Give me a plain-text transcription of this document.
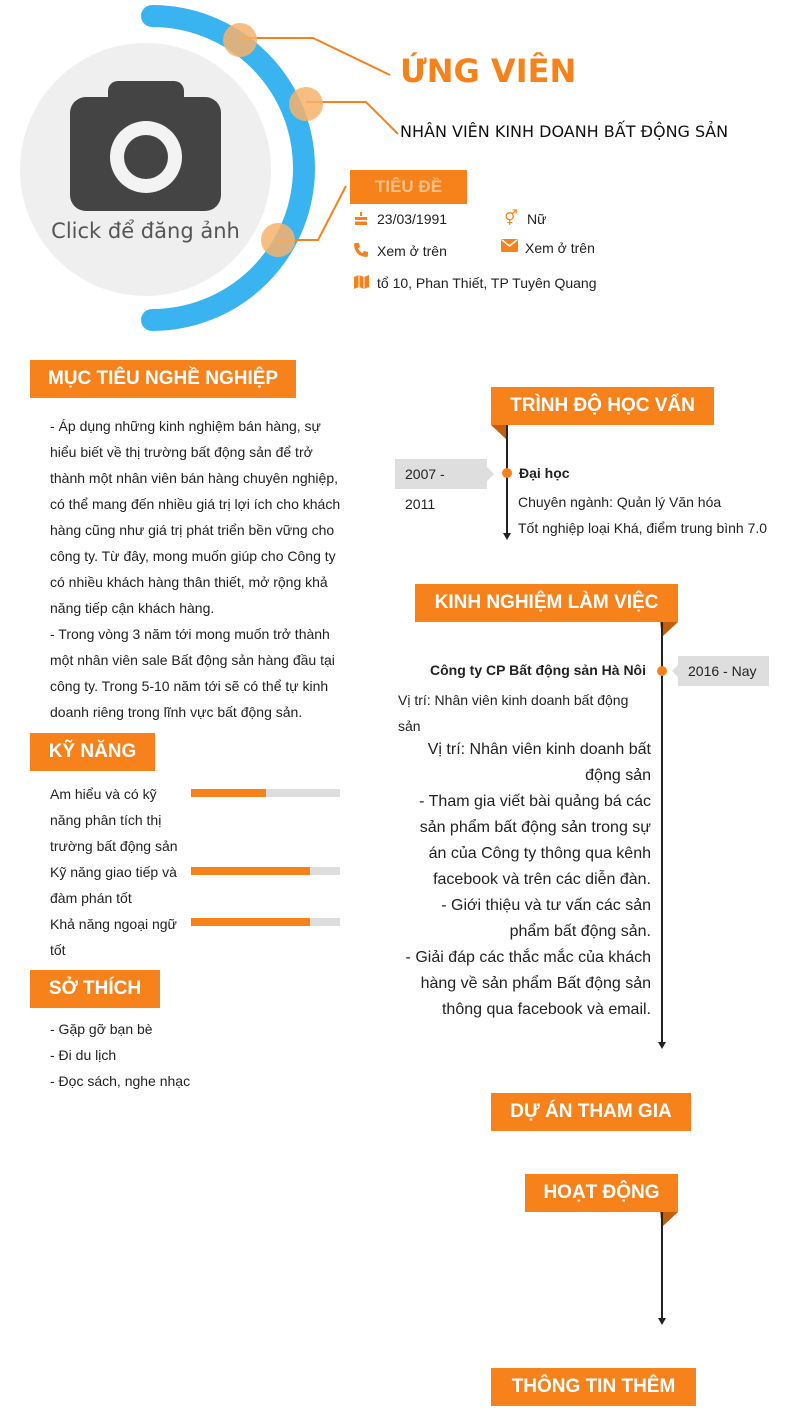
Click để đăng ảnh
ỨNG VIÊN
NHÂN VIÊN KINH DOANH BẤT ĐỘNG SẢN
TIÊU ĐỀ
23/03/1991	⚥ Nữ
Xem ở trên	Xem ở trên
tổ 10, Phan Thiết, TP Tuyên Quang
MỤC TIÊU NGHỀ NGHIỆP
- Áp dụng những kinh nghiệm bán hàng, sự hiểu biết về thị trường bất động sản để trở thành một nhân viên bán hàng chuyên nghiệp, có thể mang đến nhiều giá trị lợi ích cho khách hàng cũng như giá trị phát triển bền vững cho công ty. Từ đây, mong muốn giúp cho Công ty có nhiều khách hàng thân thiết, mở rộng khả năng tiếp cận khách hàng.
- Trong vòng 3 năm tới mong muốn trở thành một nhân viên sale Bất động sản hàng đầu tại công ty. Trong 5-10 năm tới sẽ có thể tự kinh doanh riêng trong lĩnh vực bất động sản.
KỸ NĂNG
Am hiểu và có kỹ năng phân tích thị trường bất động sản
Kỹ năng giao tiếp và đàm phán tốt
Khả năng ngoại ngữ tốt
SỞ THÍCH
- Gặp gỡ bạn bè
- Đi du lịch
- Đọc sách, nghe nhạc
TRÌNH ĐỘ HỌC VẤN
2007 - 2011
Đại học
Chuyên ngành: Quản lý Văn hóa
Tốt nghiệp loại Khá, điểm trung bình 7.0
KINH NGHIỆM LÀM VIỆC
2016 - Nay
Công ty CP Bất động sản Hà Nôi
Vị trí: Nhân viên kinh doanh bất động sản
Vị trí: Nhân viên kinh doanh bất động sản
- Tham gia viết bài quảng bá các sản phẩm bất động sản trong sự án của Công ty thông qua kênh facebook và trên các diễn đàn.
- Giới thiệu và tư vấn các sản phẩm bất động sản.
- Giải đáp các thắc mắc của khách hàng về sản phẩm Bất động sản thông qua facebook và email.
DỰ ÁN THAM GIA
HOẠT ĐỘNG
THÔNG TIN THÊM
